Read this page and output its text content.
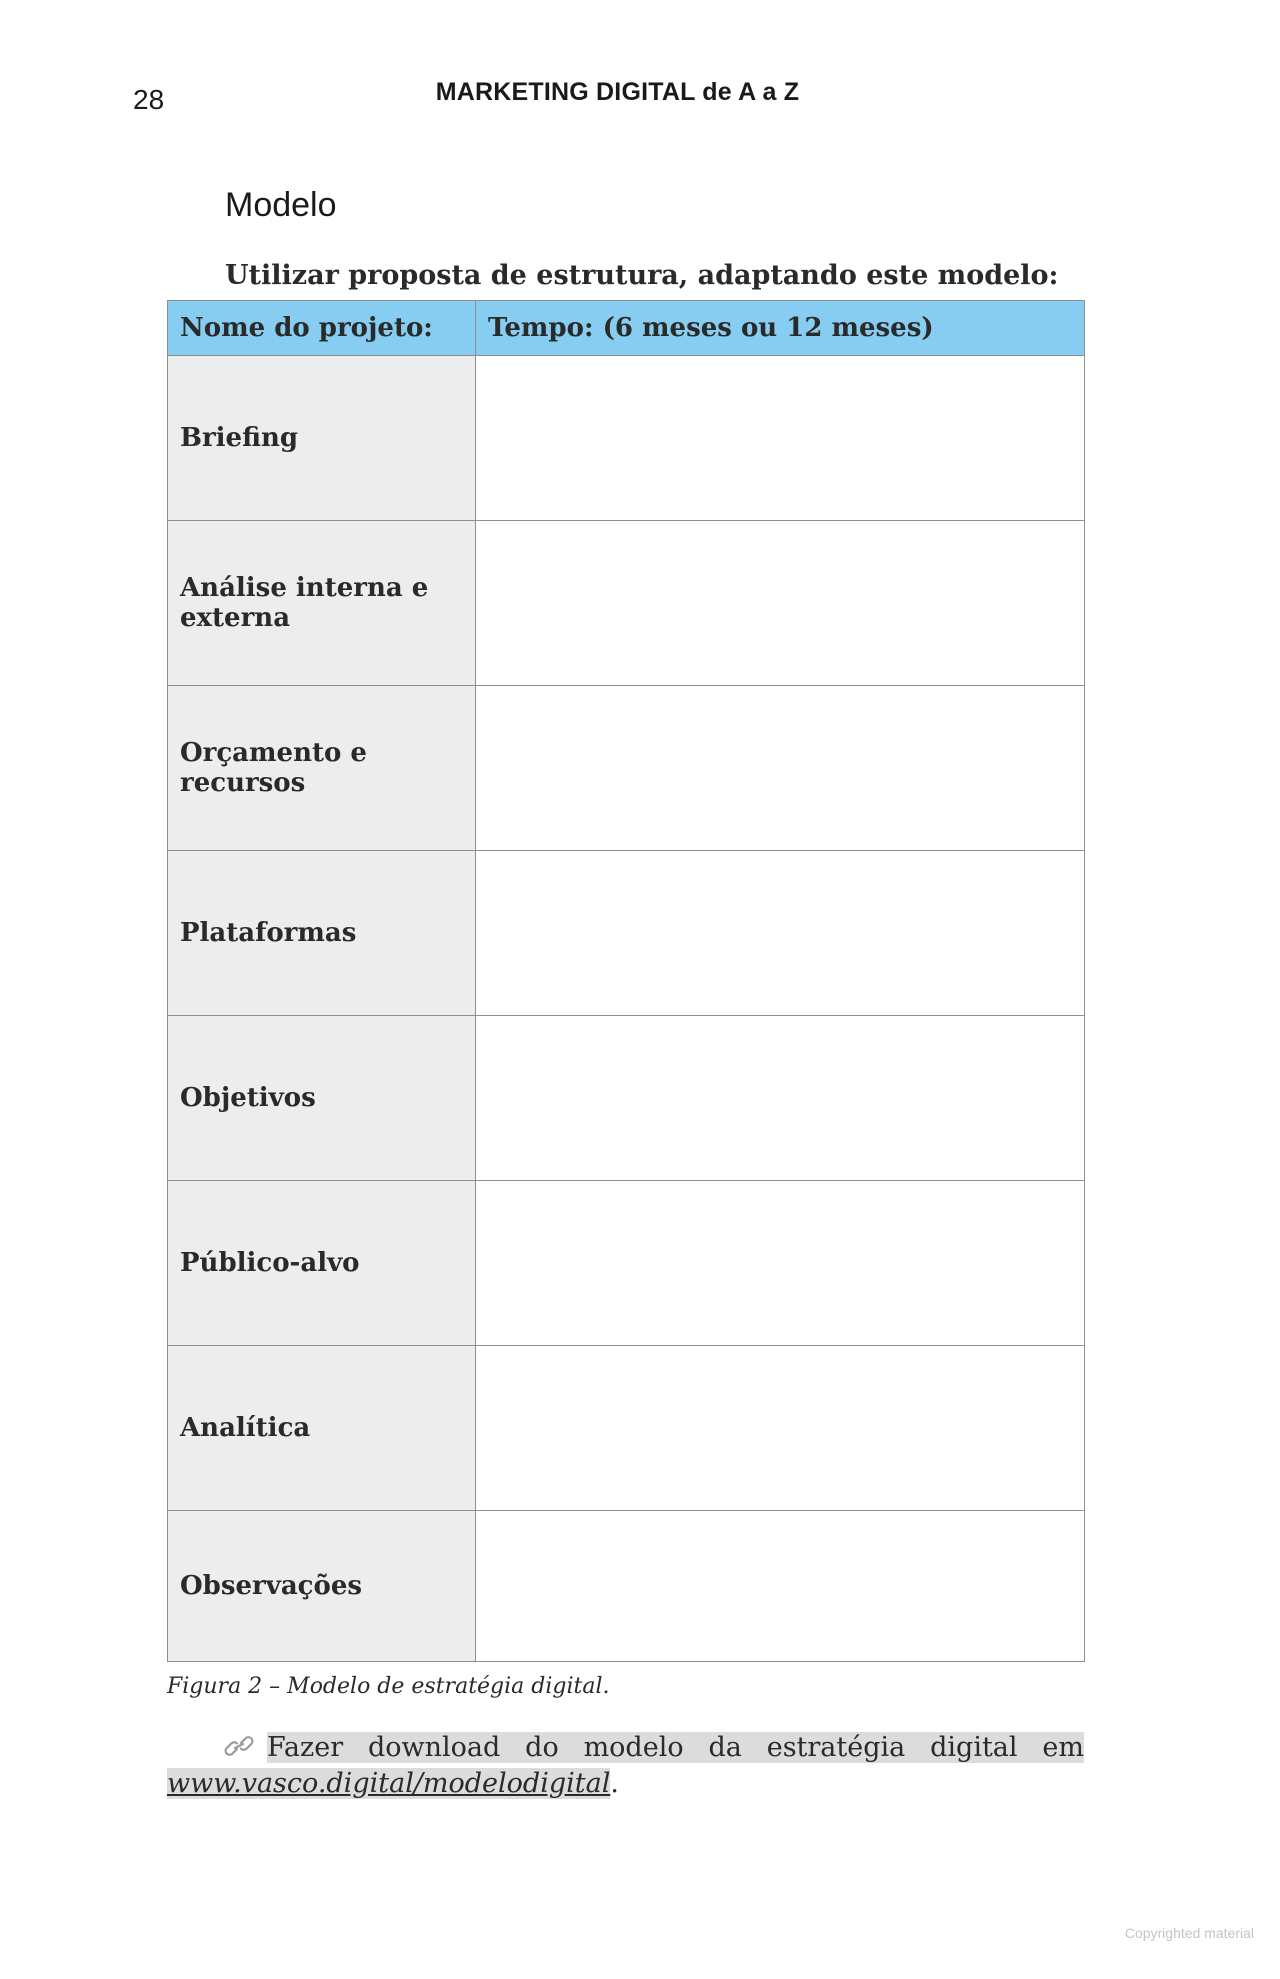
28	MARKETING DIGITAL de A a Z
Modelo
Utilizar proposta de estrutura, adaptando este modelo:
Nome do projeto:	Tempo: (6 meses ou 12 meses)
Briefing	
Análise interna e externa	
Orçamento e recursos	
Plataformas	
Objetivos	
Público-alvo	
Analítica	
Observações	
Figura 2 – Modelo de estratégia digital.
Fazer download do modelo da estratégia digital em www.vasco.digital/modelodigital.
Copyrighted material
